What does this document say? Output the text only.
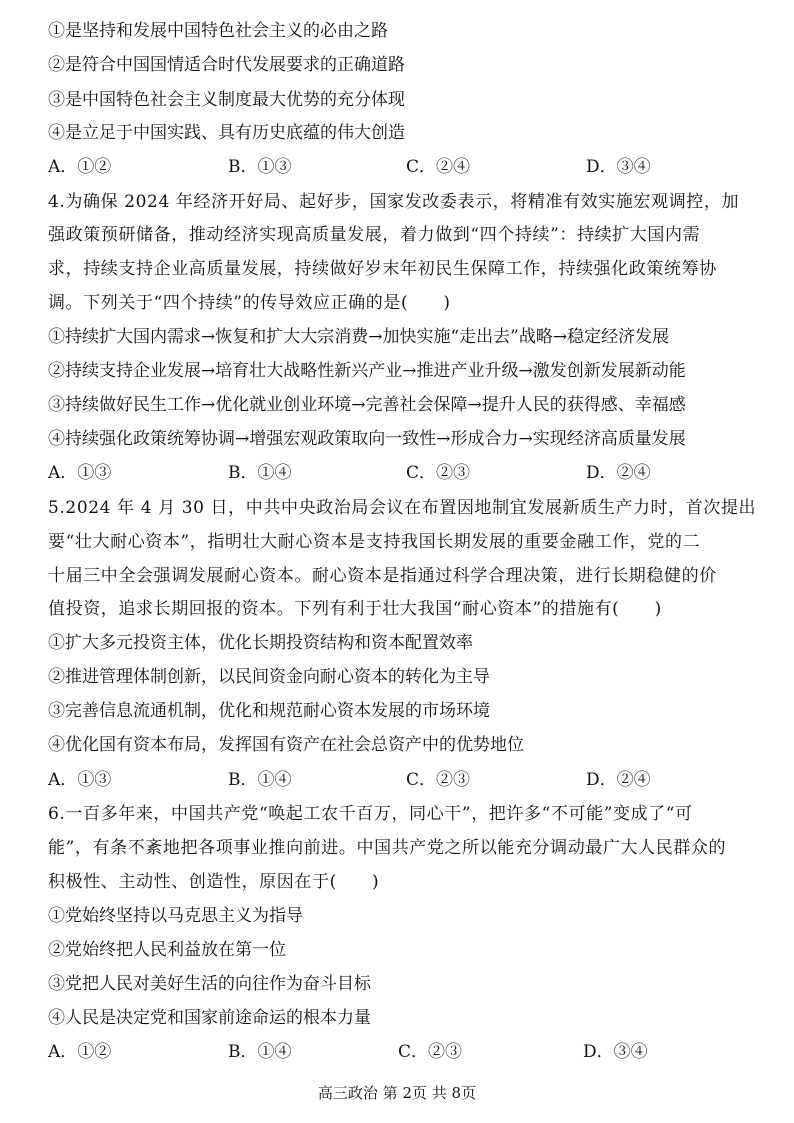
①是坚持和发展中国特色社会主义的必由之路
②是符合中国国情适合时代发展要求的正确道路
③是中国特色社会主义制度最大优势的充分体现
④是立足于中国实践、具有历史底蕴的伟大创造
A．①②	B．①③	C．②④	D．③④
4.为确保 2024 年经济开好局、起好步，国家发改委表示，将精准有效实施宏观调控，加
强政策预研储备，推动经济实现高质量发展，着力做到“四个持续”：持续扩大国内需
求，持续支持企业高质量发展，持续做好岁末年初民生保障工作，持续强化政策统筹协
调。下列关于“四个持续”的传导效应正确的是(　　)
①持续扩大国内需求→恢复和扩大大宗消费→加快实施“走出去”战略→稳定经济发展
②持续支持企业发展→培育壮大战略性新兴产业→推进产业升级→激发创新发展新动能
③持续做好民生工作→优化就业创业环境→完善社会保障→提升人民的获得感、幸福感
④持续强化政策统筹协调→增强宏观政策取向一致性→形成合力→实现经济高质量发展
A．①③	B．①④	C．②③	D．②④
5.2024 年 4 月 30 日，中共中央政治局会议在布置因地制宜发展新质生产力时，首次提出
要“壮大耐心资本”，指明壮大耐心资本是支持我国长期发展的重要金融工作，党的二
十届三中全会强调发展耐心资本。耐心资本是指通过科学合理决策，进行长期稳健的价
值投资，追求长期回报的资本。下列有利于壮大我国“耐心资本”的措施有(　　)
①扩大多元投资主体，优化长期投资结构和资本配置效率
②推进管理体制创新，以民间资金向耐心资本的转化为主导
③完善信息流通机制，优化和规范耐心资本发展的市场环境
④优化国有资本布局，发挥国有资产在社会总资产中的优势地位
A．①③	B．①④	C．②③	D．②④
6.一百多年来，中国共产党“唤起工农千百万，同心干”，把许多“不可能”变成了“可
能”，有条不紊地把各项事业推向前进。中国共产党之所以能充分调动最广大人民群众的
积极性、主动性、创造性，原因在于(　　)
①党始终坚持以马克思主义为指导
②党始终把人民利益放在第一位
③党把人民对美好生活的向往作为奋斗目标
④人民是决定党和国家前途命运的根本力量
A．①②	B．①④	C．②③	D．③④
高三政治 第 2页 共 8页
